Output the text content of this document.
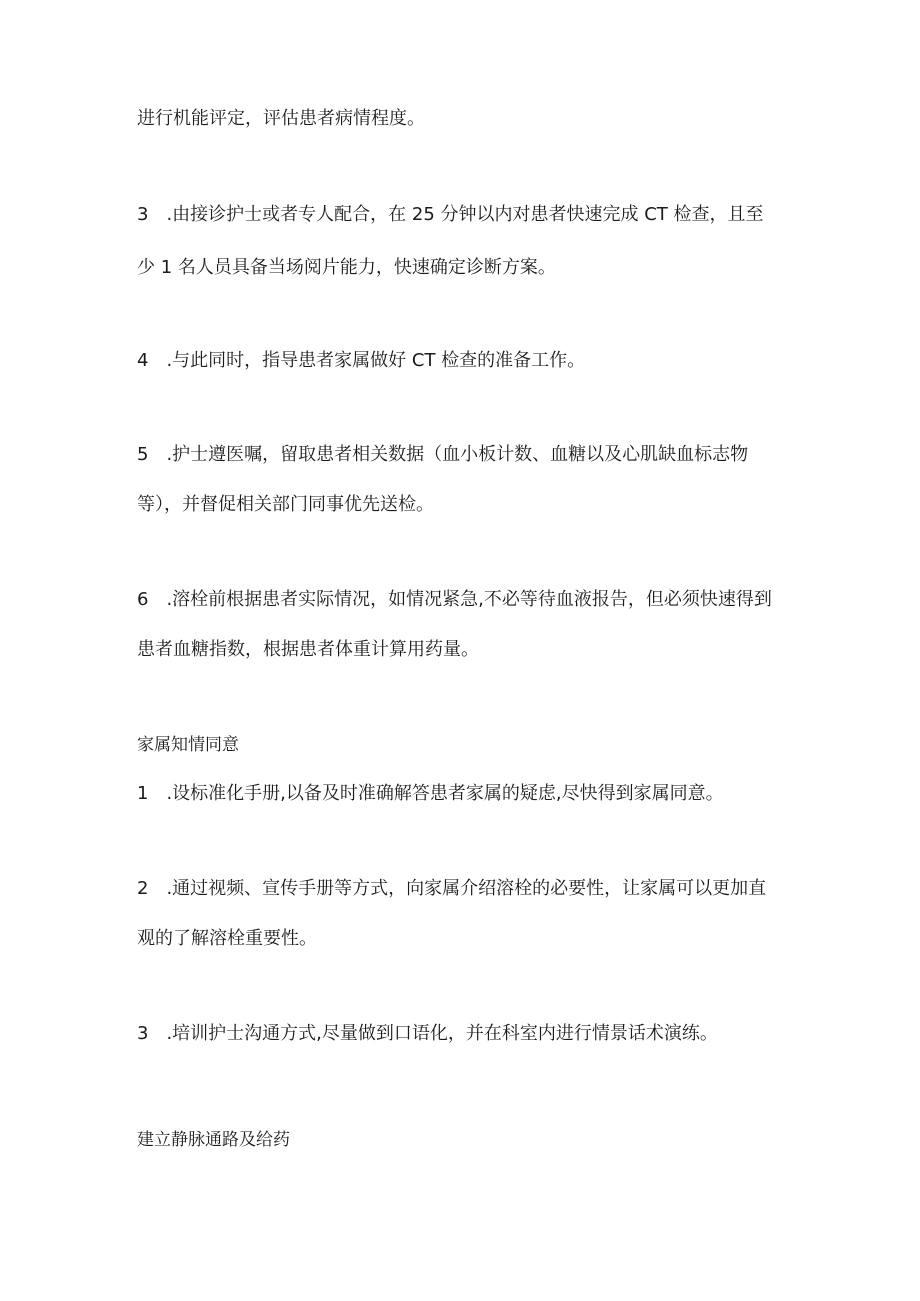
进行机能评定，评估患者病情程度。
3　.由接诊护士或者专人配合，在 25 分钟以内对患者快速完成 CT 检查，且至
少 1 名人员具备当场阅片能力，快速确定诊断方案。
4　.与此同时，指导患者家属做好 CT 检查的准备工作。
5　.护士遵医嘱，留取患者相关数据（血小板计数、血糖以及心肌缺血标志物
等），并督促相关部门同事优先送检。
6　.溶栓前根据患者实际情况，如情况紧急,不必等待血液报告，但必须快速得到
患者血糖指数，根据患者体重计算用药量。
家属知情同意
1　.设标准化手册,以备及时准确解答患者家属的疑虑,尽快得到家属同意。
2　.通过视频、宣传手册等方式，向家属介绍溶栓的必要性，让家属可以更加直
观的了解溶栓重要性。
3　.培训护士沟通方式,尽量做到口语化，并在科室内进行情景话术演练。
建立静脉通路及给药
